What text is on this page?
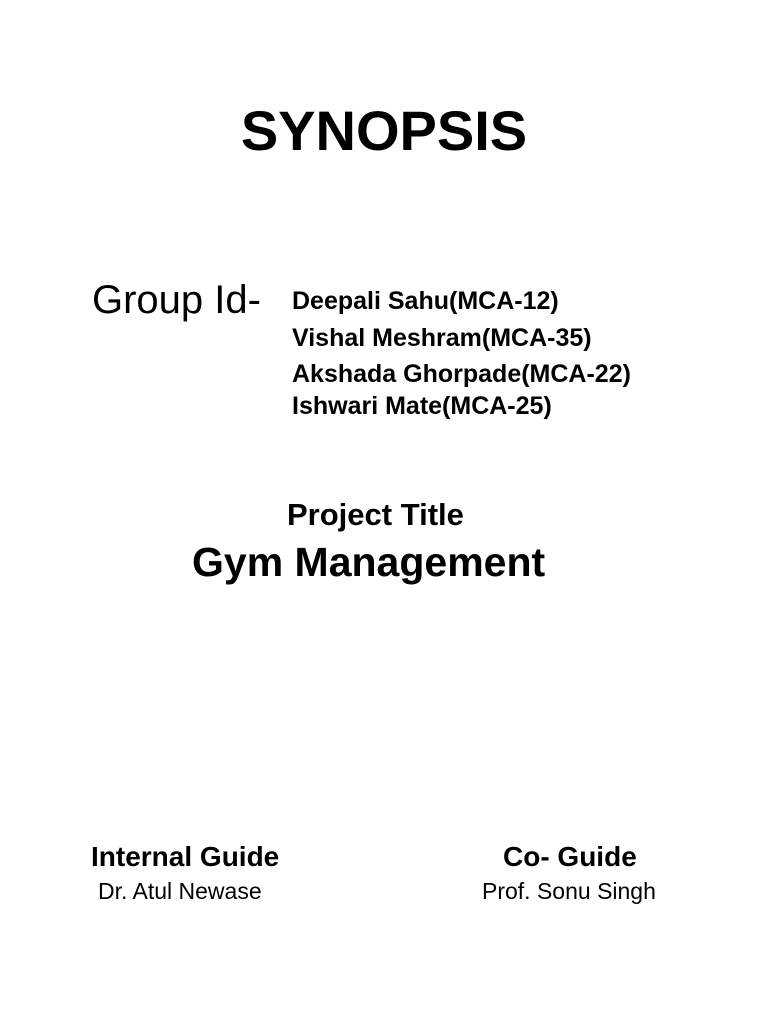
SYNOPSIS
Group Id- Deepali Sahu(MCA-12)
Vishal Meshram(MCA-35)
Akshada Ghorpade(MCA-22)
Ishwari Mate(MCA-25)
Project Title
Gym Management
Internal Guide
Dr. Atul Newase
Co- Guide
Prof. Sonu Singh
